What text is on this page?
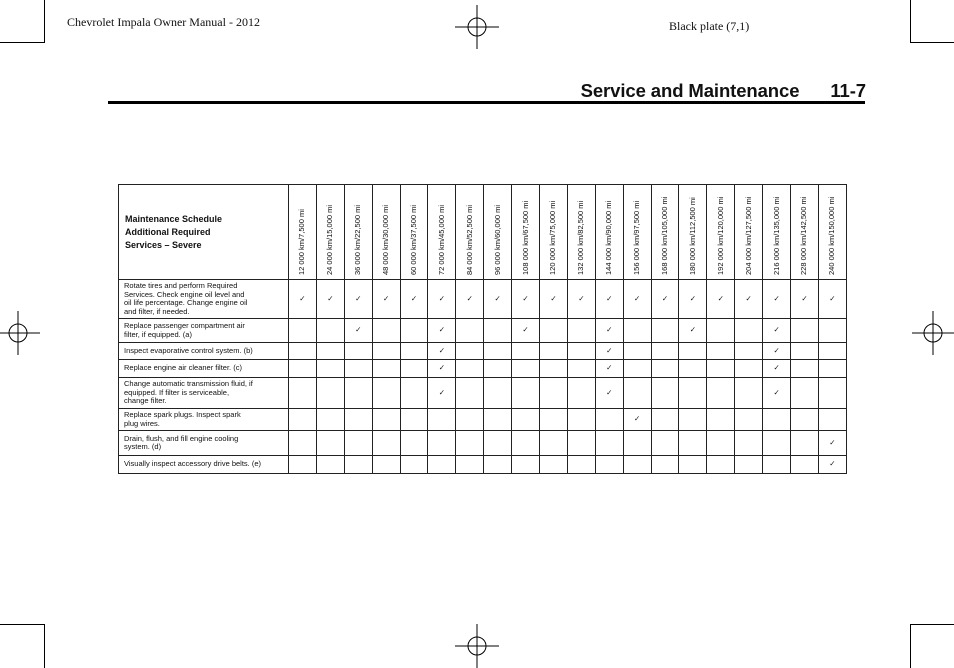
Chevrolet Impala Owner Manual - 2012	Black plate (7,1)
Service and Maintenance 11-7
Maintenance Schedule
Additional Required
Services – Severe	12 000 km/7,500 mi	24 000 km/15,000 mi	36 000 km/22,500 mi	48 000 km/30,000 mi	60 000 km/37,500 mi	72 000 km/45,000 mi	84 000 km/52,500 mi	96 000 km/60,000 mi	108 000 km/67,500 mi	120 000 km/75,000 mi	132 000 km/82,500 mi	144 000 km/90,000 mi	156 000 km/97,500 mi	168 000 km/105,000 mi	180 000 km/112,500 mi	192 000 km/120,000 mi	204 000 km/127,500 mi	216 000 km/135,000 mi	228 000 km/142,500 mi	240 000 km/150,000 mi

Rotate tires and perform Required
Services. Check engine oil level and
oil life percentage. Change engine oil
and filter, if needed.	✓	✓	✓	✓	✓	✓	✓	✓	✓	✓	✓	✓	✓	✓	✓	✓	✓	✓	✓	✓

Replace passenger compartment air
filter, if equipped. (a)			✓			✓			✓			✓			✓			✓		

Inspect evaporative control system. (b)						✓						✓						✓		

Replace engine air cleaner filter. (c)						✓						✓						✓		

Change automatic transmission fluid, if
equipped. If filter is serviceable,
change filter.						✓						✓						✓		

Replace spark plugs. Inspect spark
plug wires.													✓							

Drain, flush, and fill engine cooling
system. (d)																				✓

Visually inspect accessory drive belts. (e)																				✓
